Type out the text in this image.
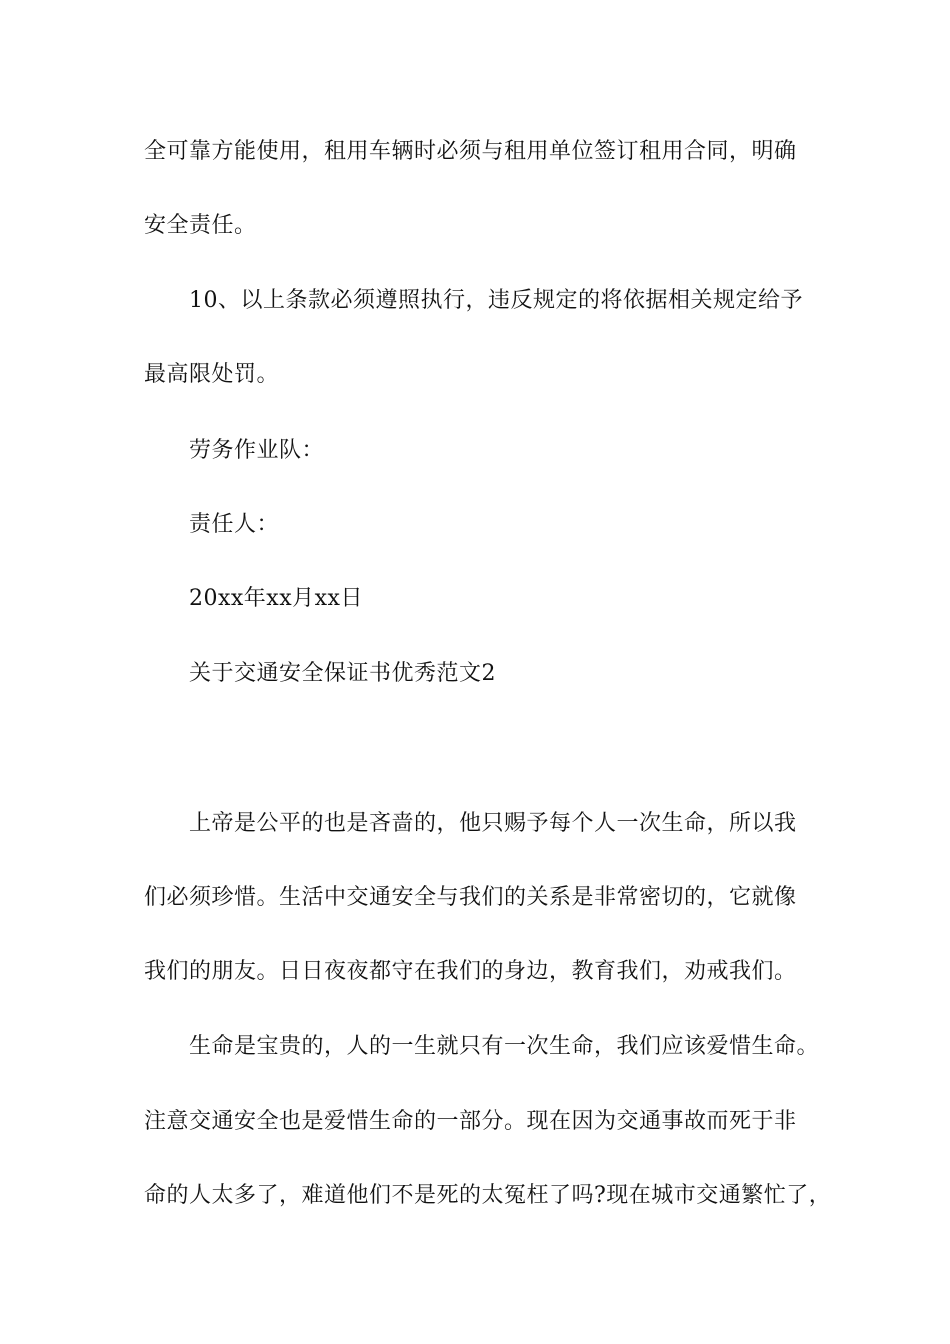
全可靠方能使用，租用车辆时必须与租用单位签订租用合同，明确
安全责任。
10、以上条款必须遵照执行，违反规定的将依据相关规定给予
最高限处罚。
劳务作业队：
责任人：
20xx年xx月xx日
关于交通安全保证书优秀范文2
上帝是公平的也是吝啬的，他只赐予每个人一次生命，所以我
们必须珍惜。生活中交通安全与我们的关系是非常密切的，它就像
我们的朋友。日日夜夜都守在我们的身边，教育我们，劝戒我们。
生命是宝贵的，人的一生就只有一次生命，我们应该爱惜生命。
注意交通安全也是爱惜生命的一部分。现在因为交通事故而死于非
命的人太多了，难道他们不是死的太冤枉了吗?现在城市交通繁忙了，
